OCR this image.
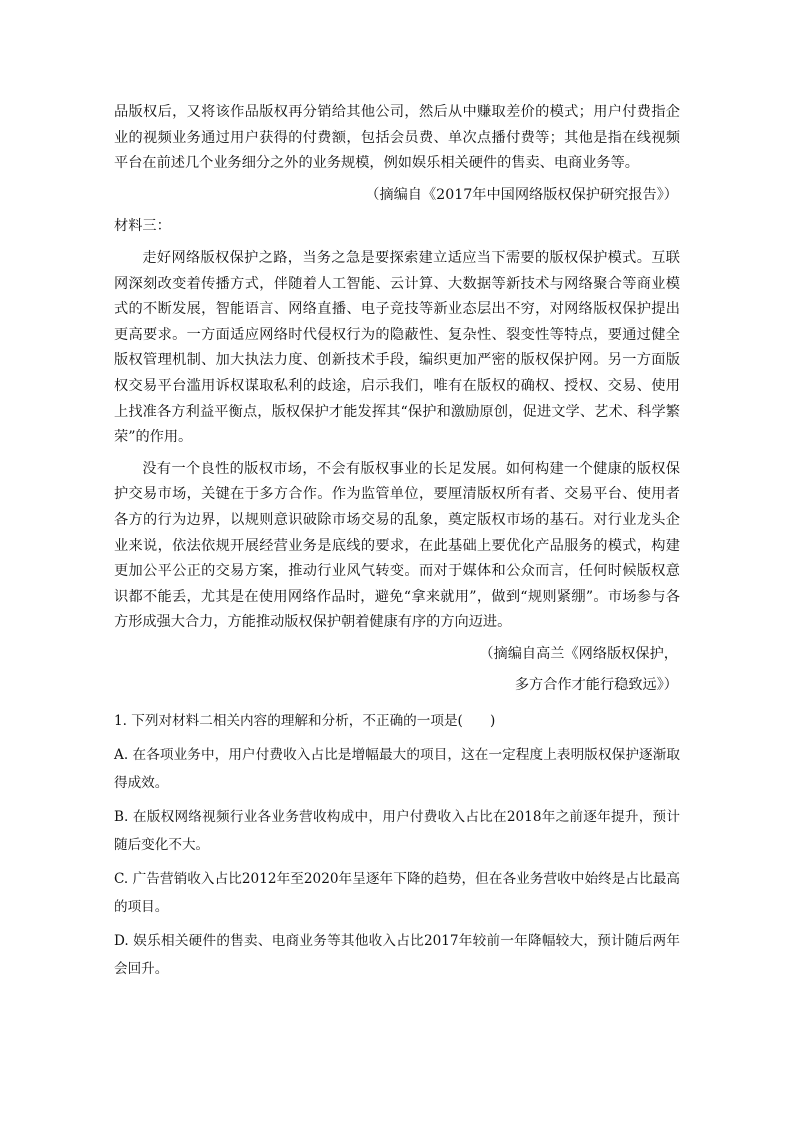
品版权后，又将该作品版权再分销给其他公司，然后从中赚取差价的模式；用户付费指企业的视频业务通过用户获得的付费额，包括会员费、单次点播付费等；其他是指在线视频平台在前述几个业务细分之外的业务规模，例如娱乐相关硬件的售卖、电商业务等。

（摘编自《2017年中国网络版权保护研究报告》）

材料三：

走好网络版权保护之路，当务之急是要探索建立适应当下需要的版权保护模式。互联网深刻改变着传播方式，伴随着人工智能、云计算、大数据等新技术与网络聚合等商业模式的不断发展，智能语言、网络直播、电子竞技等新业态层出不穷，对网络版权保护提出更高要求。一方面适应网络时代侵权行为的隐蔽性、复杂性、裂变性等特点，要通过健全版权管理机制、加大执法力度、创新技术手段，编织更加严密的版权保护网。另一方面版权交易平台滥用诉权谋取私利的歧途，启示我们，唯有在版权的确权、授权、交易、使用上找准各方利益平衡点，版权保护才能发挥其“保护和激励原创，促进文学、艺术、科学繁荣”的作用。

没有一个良性的版权市场，不会有版权事业的长足发展。如何构建一个健康的版权保护交易市场，关键在于多方合作。作为监管单位，要厘清版权所有者、交易平台、使用者各方的行为边界，以规则意识破除市场交易的乱象，奠定版权市场的基石。对行业龙头企业来说，依法依规开展经营业务是底线的要求，在此基础上要优化产品服务的模式，构建更加公平公正的交易方案，推动行业风气转变。而对于媒体和公众而言，任何时候版权意识都不能丢，尤其是在使用网络作品时，避免“拿来就用”，做到“规则紧绷”。市场参与各方形成强大合力，方能推动版权保护朝着健康有序的方向迈进。

（摘编自高兰《网络版权保护，

多方合作才能行稳致远》）

1. 下列对材料二相关内容的理解和分析，不正确的一项是(　　)

A. 在各项业务中，用户付费收入占比是增幅最大的项目，这在一定程度上表明版权保护逐渐取得成效。

B. 在版权网络视频行业各业务营收构成中，用户付费收入占比在2018年之前逐年提升，预计随后变化不大。

C. 广告营销收入占比2012年至2020年呈逐年下降的趋势，但在各业务营收中始终是占比最高的项目。

D. 娱乐相关硬件的售卖、电商业务等其他收入占比2017年较前一年降幅较大，预计随后两年会回升。
